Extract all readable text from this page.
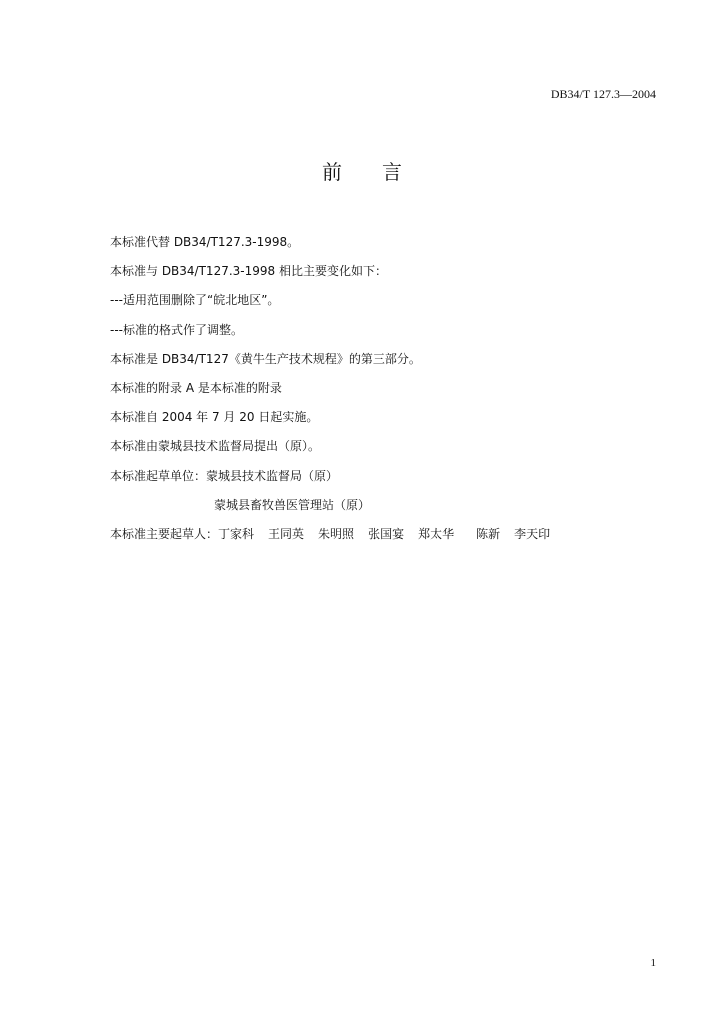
DB34/T 127.3—2004
前 言
本标准代替 DB34/T127.3-1998。
本标准与 DB34/T127.3-1998 相比主要变化如下：
---适用范围删除了“皖北地区”。
---标准的格式作了调整。
本标准是 DB34/T127《黄牛生产技术规程》的第三部分。
本标准的附录 A 是本标准的附录
本标准自 2004 年 7 月 20 日起实施。
本标准由蒙城县技术监督局提出（原）。
本标准起草单位：蒙城县技术监督局（原）
蒙城县畜牧兽医管理站（原）
本标准主要起草人：丁家科 王同英 朱明照 张国宴 郑太华 陈新 李天印
1
